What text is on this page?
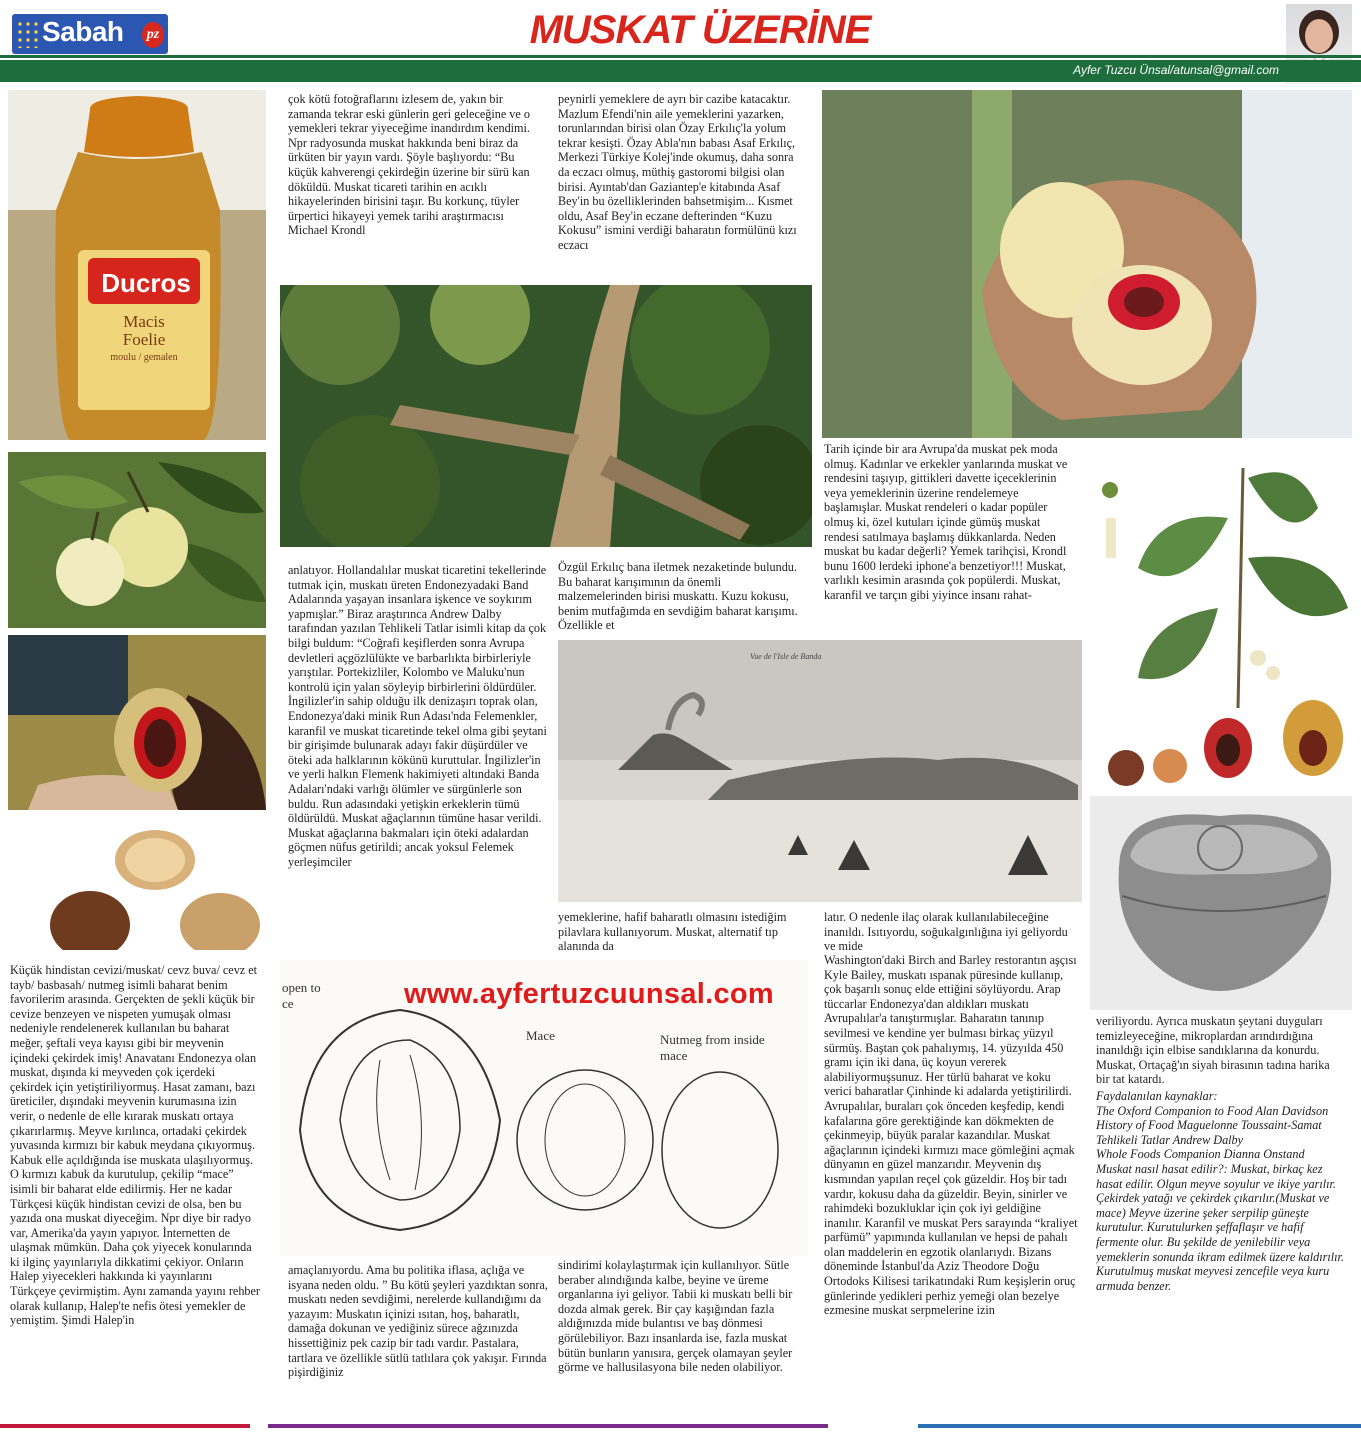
Sabah	pz	MUSKAT ÜZERİNE
Ayfer Tuzcu Ünsal/atunsal@gmail.com
Ducros
Macis
Foelie
moulu / gemalen
Vue de l'Isle de Banda
open to
ce
Mace	Nutmeg from inside
mace
www.ayfertuzcuunsal.com

Küçük hindistan cevizi/muskat/ cevz buva/ cevz et tayb/ basbasah/ nutmeg isimli baharat benim favorilerim arasında. Gerçekten de şekli küçük bir cevize benzeyen ve nispeten yumuşak olması nedeniyle rendelenerek kullanılan bu baharat meğer, şeftali veya kayısı gibi bir meyvenin içindeki çekirdek imiş! Anavatanı Endonezya olan muskat, dışında ki meyveden çok içerdeki çekirdek için yetiştiriliyormuş. Hasat zamanı, bazı üreticiler, dışındaki meyvenin kurumasına izin verir, o nedenle de elle kırarak muskatı ortaya çıkarırlarmış. Meyve kırılınca, ortadaki çekirdek yuvasında kırmızı bir kabuk meydana çıkıyormuş. Kabuk elle açıldığında ise muskata ulaşılıyormuş. O kırmızı kabuk da kurutulup, çekilip “mace” isimli bir baharat elde edilirmiş. Her ne kadar Türkçesi küçük hindistan cevizi de olsa, ben bu yazıda ona muskat diyeceğim. Npr diye bir radyo var, Amerika'da yayın yapıyor. İnternetten de ulaşmak mümkün. Daha çok yiyecek konularında ki ilginç yayınlarıyla dikkatimi çekiyor. Onların Halep yiyecekleri hakkında ki yayınlarını Türkçeye çevirmiştim. Aynı zamanda yayını rehber olarak kullanıp, Halep'te nefis ötesi yemekler de yemiştim. Şimdi Halep'in

çok kötü fotoğraflarını izlesem de, yakın bir zamanda tekrar eski günlerin geri geleceğine ve o yemekleri tekrar yiyeceğime inandırdım kendimi. Npr radyosunda muskat hakkında beni biraz da ürküten bir yayın vardı. Şöyle başlıyordu: “Bu küçük kahverengi çekirdeğin üzerine bir sürü kan döküldü. Muskat ticareti tarihin en acıklı hikayelerinden birisini taşır. Bu korkunç, tüyler ürpertici hikayeyi yemek tarihi araştırmacısı Michael Krondl

anlatıyor. Hollandalılar muskat ticaretini tekellerinde tutmak için, muskatı üreten Endonezyadaki Band Adalarında yaşayan insanlara işkence ve soykırım yapmışlar.” Biraz araştırınca Andrew Dalby tarafından yazılan Tehlikeli Tatlar isimli kitap da çok bilgi buldum: “Coğrafi keşiflerden sonra Avrupa devletleri açgözlülükte ve barbarlıkta birbirleriyle yarıştılar. Portekizliler, Kolombo ve Maluku'nun kontrolü için yalan söyleyip birbirlerini öldürdüler. İngilizler'in sahip olduğu ilk denizaşırı toprak olan, Endonezya'daki minik Run Adası'nda Felemenkler, karanfil ve muskat ticaretinde tekel olma gibi şeytani bir girişimde bulunarak adayı fakir düşürdüler ve öteki ada halklarının kökünü kuruttular. İngilizler'in ve yerli halkın Flemenk hakimiyeti altındaki Banda Adaları'ndaki varlığı ölümler ve sürgünlerle son buldu. Run adasındaki yetişkin erkeklerin tümü öldürüldü. Muskat ağaçlarının tümüne hasar verildi. Muskat ağaçlarına bakmaları için öteki adalardan göçmen nüfus getirildi; ancak yoksul Felemek yerleşimciler

amaçlanıyordu. Ama bu politika iflasa, açlığa ve isyana neden oldu. ” Bu kötü şeyleri yazdıktan sonra, muskatı neden sevdiğimi, nerelerde kullandığımı da yazayım: Muskatın içinizi ısıtan, hoş, baharatlı, damağa dokunan ve yediğiniz sürece ağzınızda hissettiğiniz pek cazip bir tadı vardır. Pastalara, tartlara ve özellikle sütlü tatlılara çok yakışır. Fırında pişirdiğiniz

peynirli yemeklere de ayrı bir cazibe katacaktır. Mazlum Efendi'nin aile yemeklerini yazarken, torunlarından birisi olan Özay Erkılıç'la yolum tekrar kesişti. Özay Abla'nın babası Asaf Erkılıç, Merkezi Türkiye Kolej'inde okumuş, daha sonra da eczacı olmuş, müthiş gastoromi bilgisi olan birisi. Ayıntab'dan Gaziantep'e kitabında Asaf Bey'in bu özelliklerinden bahsetmişim... Kısmet oldu, Asaf Bey'in eczane defterinden “Kuzu Kokusu” ismini verdiği baharatın formülünü kızı eczacı

Özgül Erkılıç bana iletmek nezaketinde bulundu. Bu baharat karışımının da önemli malzemelerinden birisi muskattı. Kuzu kokusu, benim mutfağımda en sevdiğim baharat karışımı. Özellikle et

yemeklerine, hafif baharatlı olmasını istediğim pilavlara kullanıyorum. Muskat, alternatif tıp alanında da

sindirimi kolaylaştırmak için kullanılıyor. Sütle beraber alındığında kalbe, beyine ve üreme organlarına iyi geliyor. Tabii ki muskatı belli bir dozda almak gerek. Bir çay kaşığından fazla aldığınızda mide bulantısı ve baş dönmesi görülebiliyor. Bazı insanlarda ise, fazla muskat bütün bunların yanısıra, gerçek olamayan şeyler görme ve hallusilasyona bile neden olabiliyor.

Tarih içinde bir ara Avrupa'da muskat pek moda olmuş. Kadınlar ve erkekler yanlarında muskat ve rendesini taşıyıp, gittikleri davette içeceklerinin veya yemeklerinin üzerine rendelemeye başlamışlar. Muskat rendeleri o kadar popüler olmuş ki, özel kutuları içinde gümüş muskat rendesi satılmaya başlamış dükkanlarda. Neden muskat bu kadar değerli? Yemek tarihçisi, Krondl bunu 1600 lerdeki iphone'a benzetiyor!!! Muskat, varlıklı kesimin arasında çok popülerdi. Muskat, karanfil ve tarçın gibi yiyince insanı rahat-

latır. O nedenle ilaç olarak kullanılabileceğine inanıldı. Isıtıyordu, soğukalgınlığına iyi geliyordu ve mide

Washington'daki Birch and Barley restorantın aşçısı Kyle Bailey, muskatı ıspanak püresinde kullanıp, çok başarılı sonuç elde ettiğini söylüyordu. Arap tüccarlar Endonezya'dan aldıkları muskatı Avrupalılar'a tanıştırmışlar. Baharatın tanınıp sevilmesi ve kendine yer bulması birkaç yüzyıl sürmüş. Baştan çok pahalıymış, 14. yüzyılda 450 gramı için iki dana, üç koyun vererek alabiliyormuşsunuz. Her türlü baharat ve koku verici baharatlar Çinhinde ki adalarda yetiştirilirdi. Avrupalılar, buraları çok önceden keşfedip, kendi kafalarına göre gerektiğinde kan dökmekten de çekinmeyip, büyük paralar kazandılar. Muskat ağaçlarının içindeki kırmızı mace gömleğini açmak dünyanın en güzel manzarıdır. Meyvenin dış kısmından yapılan reçel çok güzeldir. Hoş bir tadı vardır, kokusu daha da güzeldir. Beyin, sinirler ve rahimdeki bozukluklar için çok iyi geldiğine inanılır. Karanfil ve muskat Pers sarayında “kraliyet parfümü” yapımında kullanılan ve hepsi de pahalı olan maddelerin en egzotik olanlarıydı. Bizans döneminde İstanbul'da Aziz Theodore Doğu Ortodoks Kilisesi tarikatındaki Rum keşişlerin oruç günlerinde yedikleri perhiz yemeği olan bezelye ezmesine muskat serpmelerine izin

veriliyordu. Ayrıca muskatın şeytani duyguları temizleyeceğine, mikroplardan arındırdığına inanıldığı için elbise sandıklarına da konurdu. Muskat, Ortaçağ'ın siyah birasının tadına harika bir tat katardı.

Faydalanılan kaynaklar:

The Oxford Companion to Food Alan Davidson

History of Food Maguelonne Toussaint-Samat

Tehlikeli Tatlar Andrew Dalby

Whole Foods Companion Dianna Onstand

Muskat nasıl hasat edilir?: Muskat, birkaç kez hasat edilir. Olgun meyve soyulur ve ikiye yarılır. Çekirdek yatağı ve çekirdek çıkarılır.(Muskat ve mace) Meyve üzerine şeker serpilip güneşte kurutulur. Kurutulurken şeffaflaşır ve hafif fermente olur. Bu şekilde de yenilebilir veya yemeklerin sonunda ikram edilmek üzere kaldırılır. Kurutulmuş muskat meyvesi zencefile veya kuru armuda benzer.
